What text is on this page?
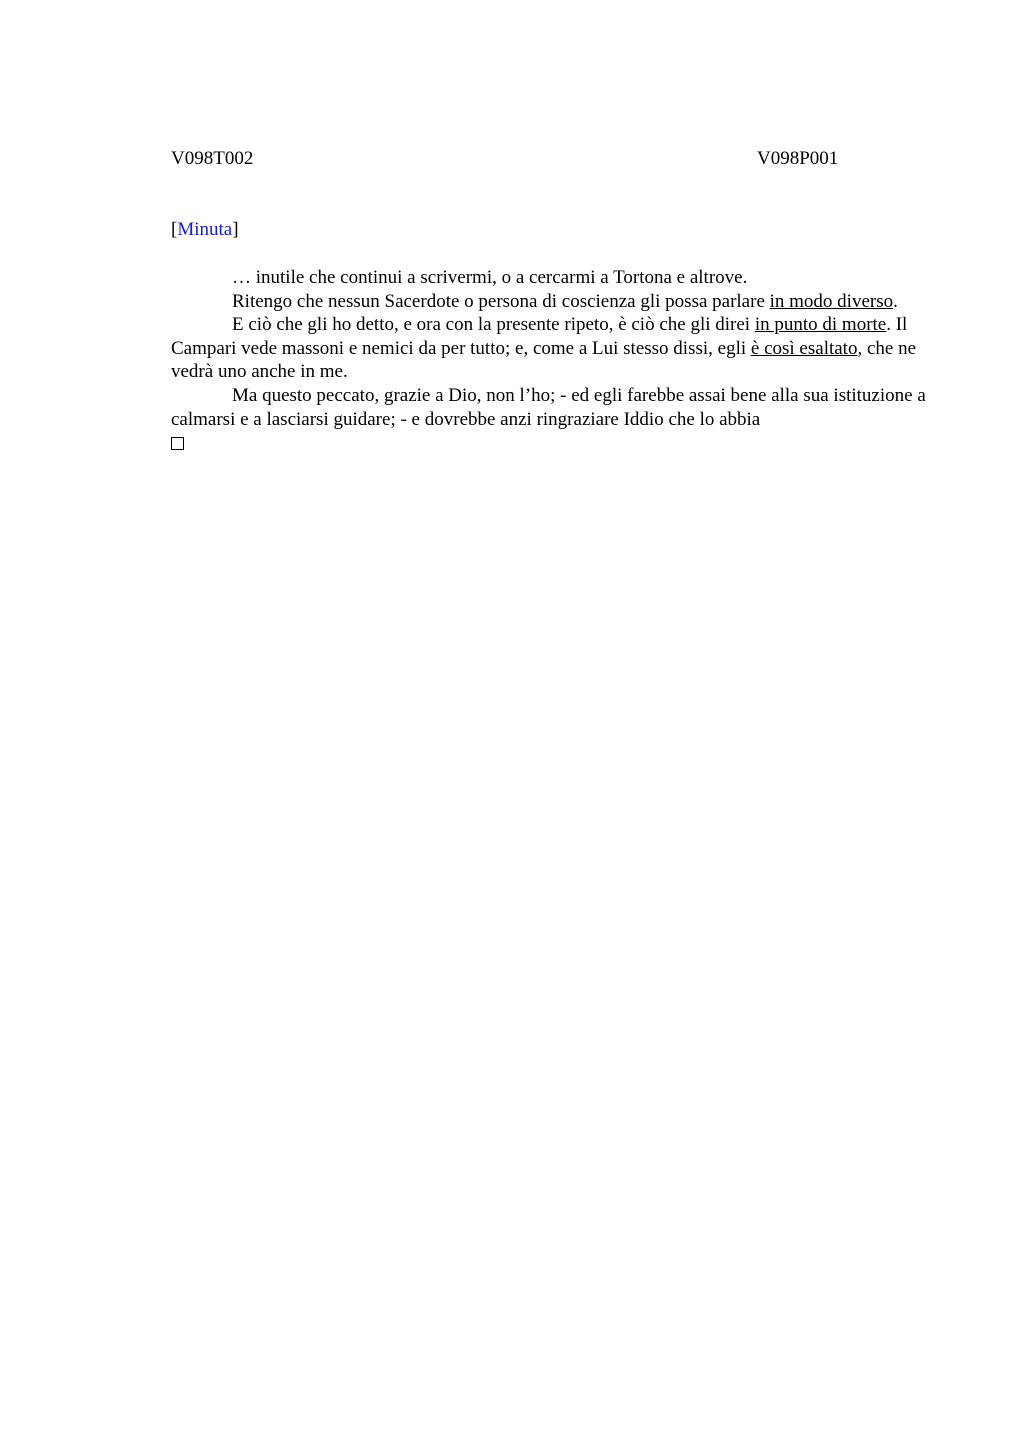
V098T002	V098P001
[Minuta]

… inutile che continui a scrivermi, o a cercarmi a Tortona e altrove.

Ritengo che nessun Sacerdote o persona di coscienza gli possa parlare in modo diverso.

E ciò che gli ho detto, e ora con la presente ripeto, è ciò che gli direi in punto di morte. Il Campari vede massoni e nemici da per tutto; e, come a Lui stesso dissi, egli è così esaltato, che ne vedrà uno anche in me.

Ma questo peccato, grazie a Dio, non l’ho; - ed egli farebbe assai bene alla sua istituzione a calmarsi e a lasciarsi guidare; - e dovrebbe anzi ringraziare Iddio che lo abbia
